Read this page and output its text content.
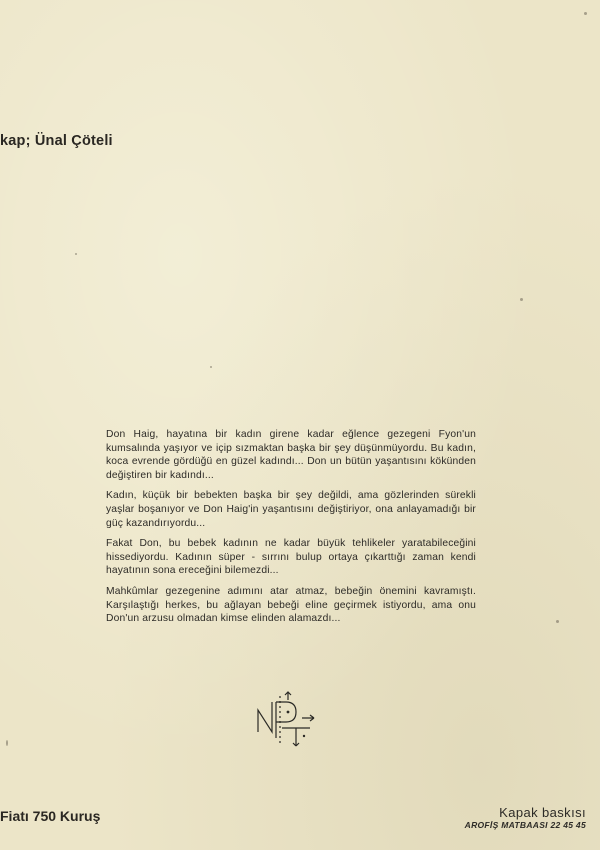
kap; Ünal Çöteli

Don Haig, hayatına bir kadın girene kadar eğlence gezegeni Fyon'un kumsalında yaşıyor ve içip sızmaktan başka bir şey düşünmüyordu. Bu kadın, koca evrende gördüğü en güzel kadındı... Don un bütün yaşantısını kökünden değiştiren bir kadındı...

Kadın, küçük bir bebekten başka bir şey değildi, ama gözlerinden sürekli yaşlar boşanıyor ve Don Haig'in yaşantısını değiştiriyor, ona anlayamadığı bir güç kazandırıyordu...

Fakat Don, bu bebek kadının ne kadar büyük tehlikeler yaratabileceğini hissediyordu. Kadının süper - sırrını bulup ortaya çıkarttığı zaman kendi hayatının sona ereceğini bilemezdi...

Mahkûmlar gezegenine adımını atar atmaz, bebeğin önemini kavramıştı. Karşılaştığı herkes, bu ağlayan bebeği eline geçirmek istiyordu, ama onu Don'un arzusu olmadan kimse elinden alamazdı...

Fiatı 750 Kuruş	Kapak baskısı
AROFİŞ MATBAASI 22 45 45
